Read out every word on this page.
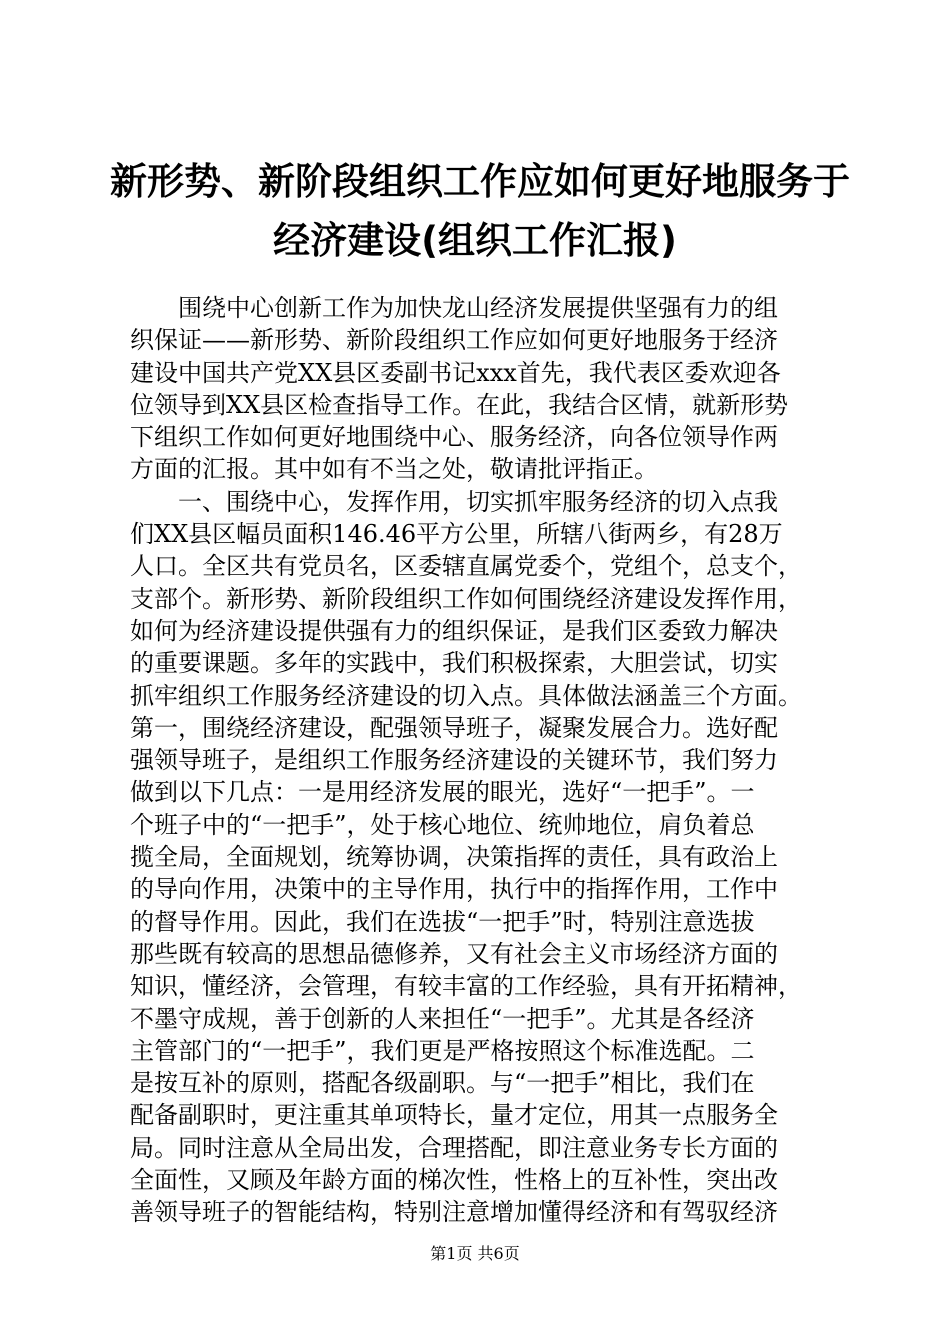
新形势、新阶段组织工作应如何更好地服务于
经济建设(组织工作汇报)
围绕中心创新工作为加快龙山经济发展提供坚强有力的组
织保证——新形势、新阶段组织工作应如何更好地服务于经济
建设中国共产党XX县区委副书记xxx首先，我代表区委欢迎各
位领导到XX县区检查指导工作。在此，我结合区情，就新形势
下组织工作如何更好地围绕中心、服务经济，向各位领导作两
方面的汇报。其中如有不当之处，敬请批评指正。
一、围绕中心，发挥作用，切实抓牢服务经济的切入点我
们XX县区幅员面积146.46平方公里，所辖八街两乡，有28万
人口。全区共有党员名，区委辖直属党委个，党组个，总支个，
支部个。新形势、新阶段组织工作如何围绕经济建设发挥作用，
如何为经济建设提供强有力的组织保证，是我们区委致力解决
的重要课题。多年的实践中，我们积极探索，大胆尝试，切实
抓牢组织工作服务经济建设的切入点。具体做法涵盖三个方面。
第一，围绕经济建设，配强领导班子，凝聚发展合力。选好配
强领导班子，是组织工作服务经济建设的关键环节，我们努力
做到以下几点：一是用经济发展的眼光，选好“一把手”。一
个班子中的“一把手”，处于核心地位、统帅地位，肩负着总
揽全局，全面规划，统筹协调，决策指挥的责任，具有政治上
的导向作用，决策中的主导作用，执行中的指挥作用，工作中
的督导作用。因此，我们在选拔“一把手”时，特别注意选拔
那些既有较高的思想品德修养，又有社会主义市场经济方面的
知识，懂经济，会管理，有较丰富的工作经验，具有开拓精神，
不墨守成规，善于创新的人来担任“一把手”。尤其是各经济
主管部门的“一把手”，我们更是严格按照这个标准选配。二
是按互补的原则，搭配各级副职。与“一把手”相比，我们在
配备副职时，更注重其单项特长，量才定位，用其一点服务全
局。同时注意从全局出发，合理搭配，即注意业务专长方面的
全面性，又顾及年龄方面的梯次性，性格上的互补性，突出改
善领导班子的智能结构，特别注意增加懂得经济和有驾驭经济
第1页 共6页
